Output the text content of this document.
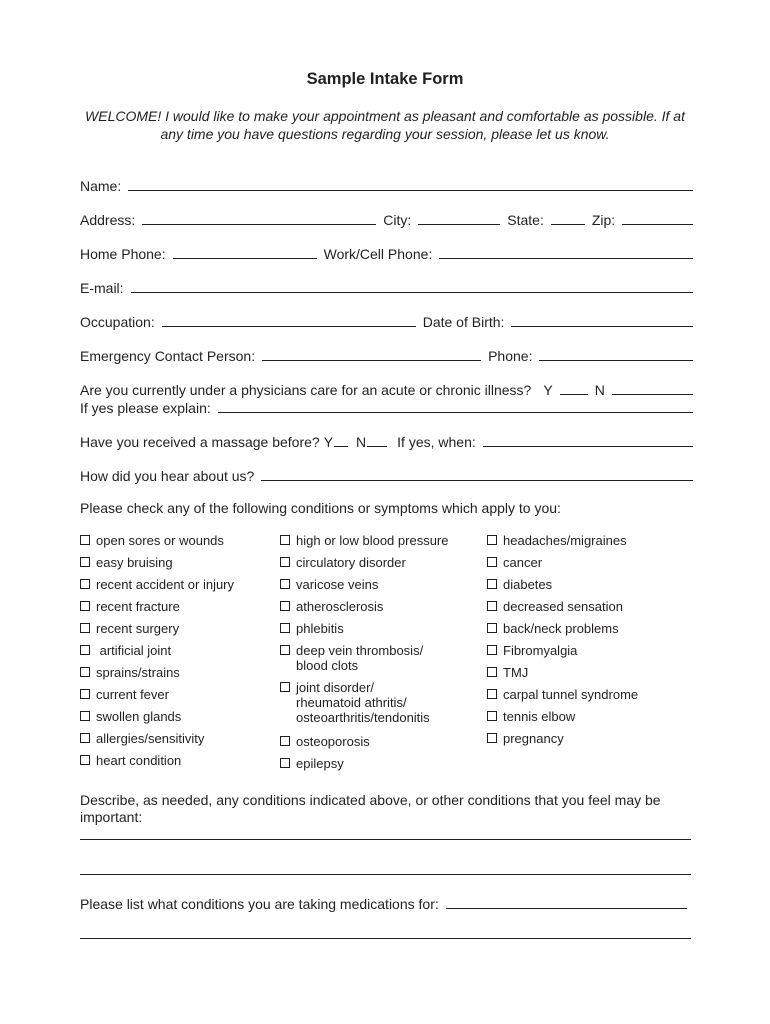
Sample Intake Form
WELCOME! I would like to make your appointment as pleasant and comfortable as possible. If at any time you have questions regarding your session, please let us know.
Name:
Address:	City:	State:	Zip:
Home Phone:	Work/Cell Phone:
E-mail:
Occupation:	Date of Birth:
Emergency Contact Person:	Phone:
Are you currently under a physicians care for an acute or chronic illness? Y	N
If yes please explain:
Have you received a massage before? Y N If yes, when:
How did you hear about us?
Please check any of the following conditions or symptoms which apply to you:
open sores or wounds
easy bruising
recent accident or injury
recent fracture
recent surgery
artificial joint
sprains/strains
current fever
swollen glands
allergies/sensitivity
heart condition
high or low blood pressure
circulatory disorder
varicose veins
atherosclerosis
phlebitis
deep vein thrombosis/
blood clots
joint disorder/
rheumatoid athritis/
osteoarthritis/tendonitis
osteoporosis
epilepsy
headaches/migraines
cancer
diabetes
decreased sensation
back/neck problems
Fibromyalgia
TMJ
carpal tunnel syndrome
tennis elbow
pregnancy
Describe, as needed, any conditions indicated above, or other conditions that you feel may be important:
Please list what conditions you are taking medications for:
